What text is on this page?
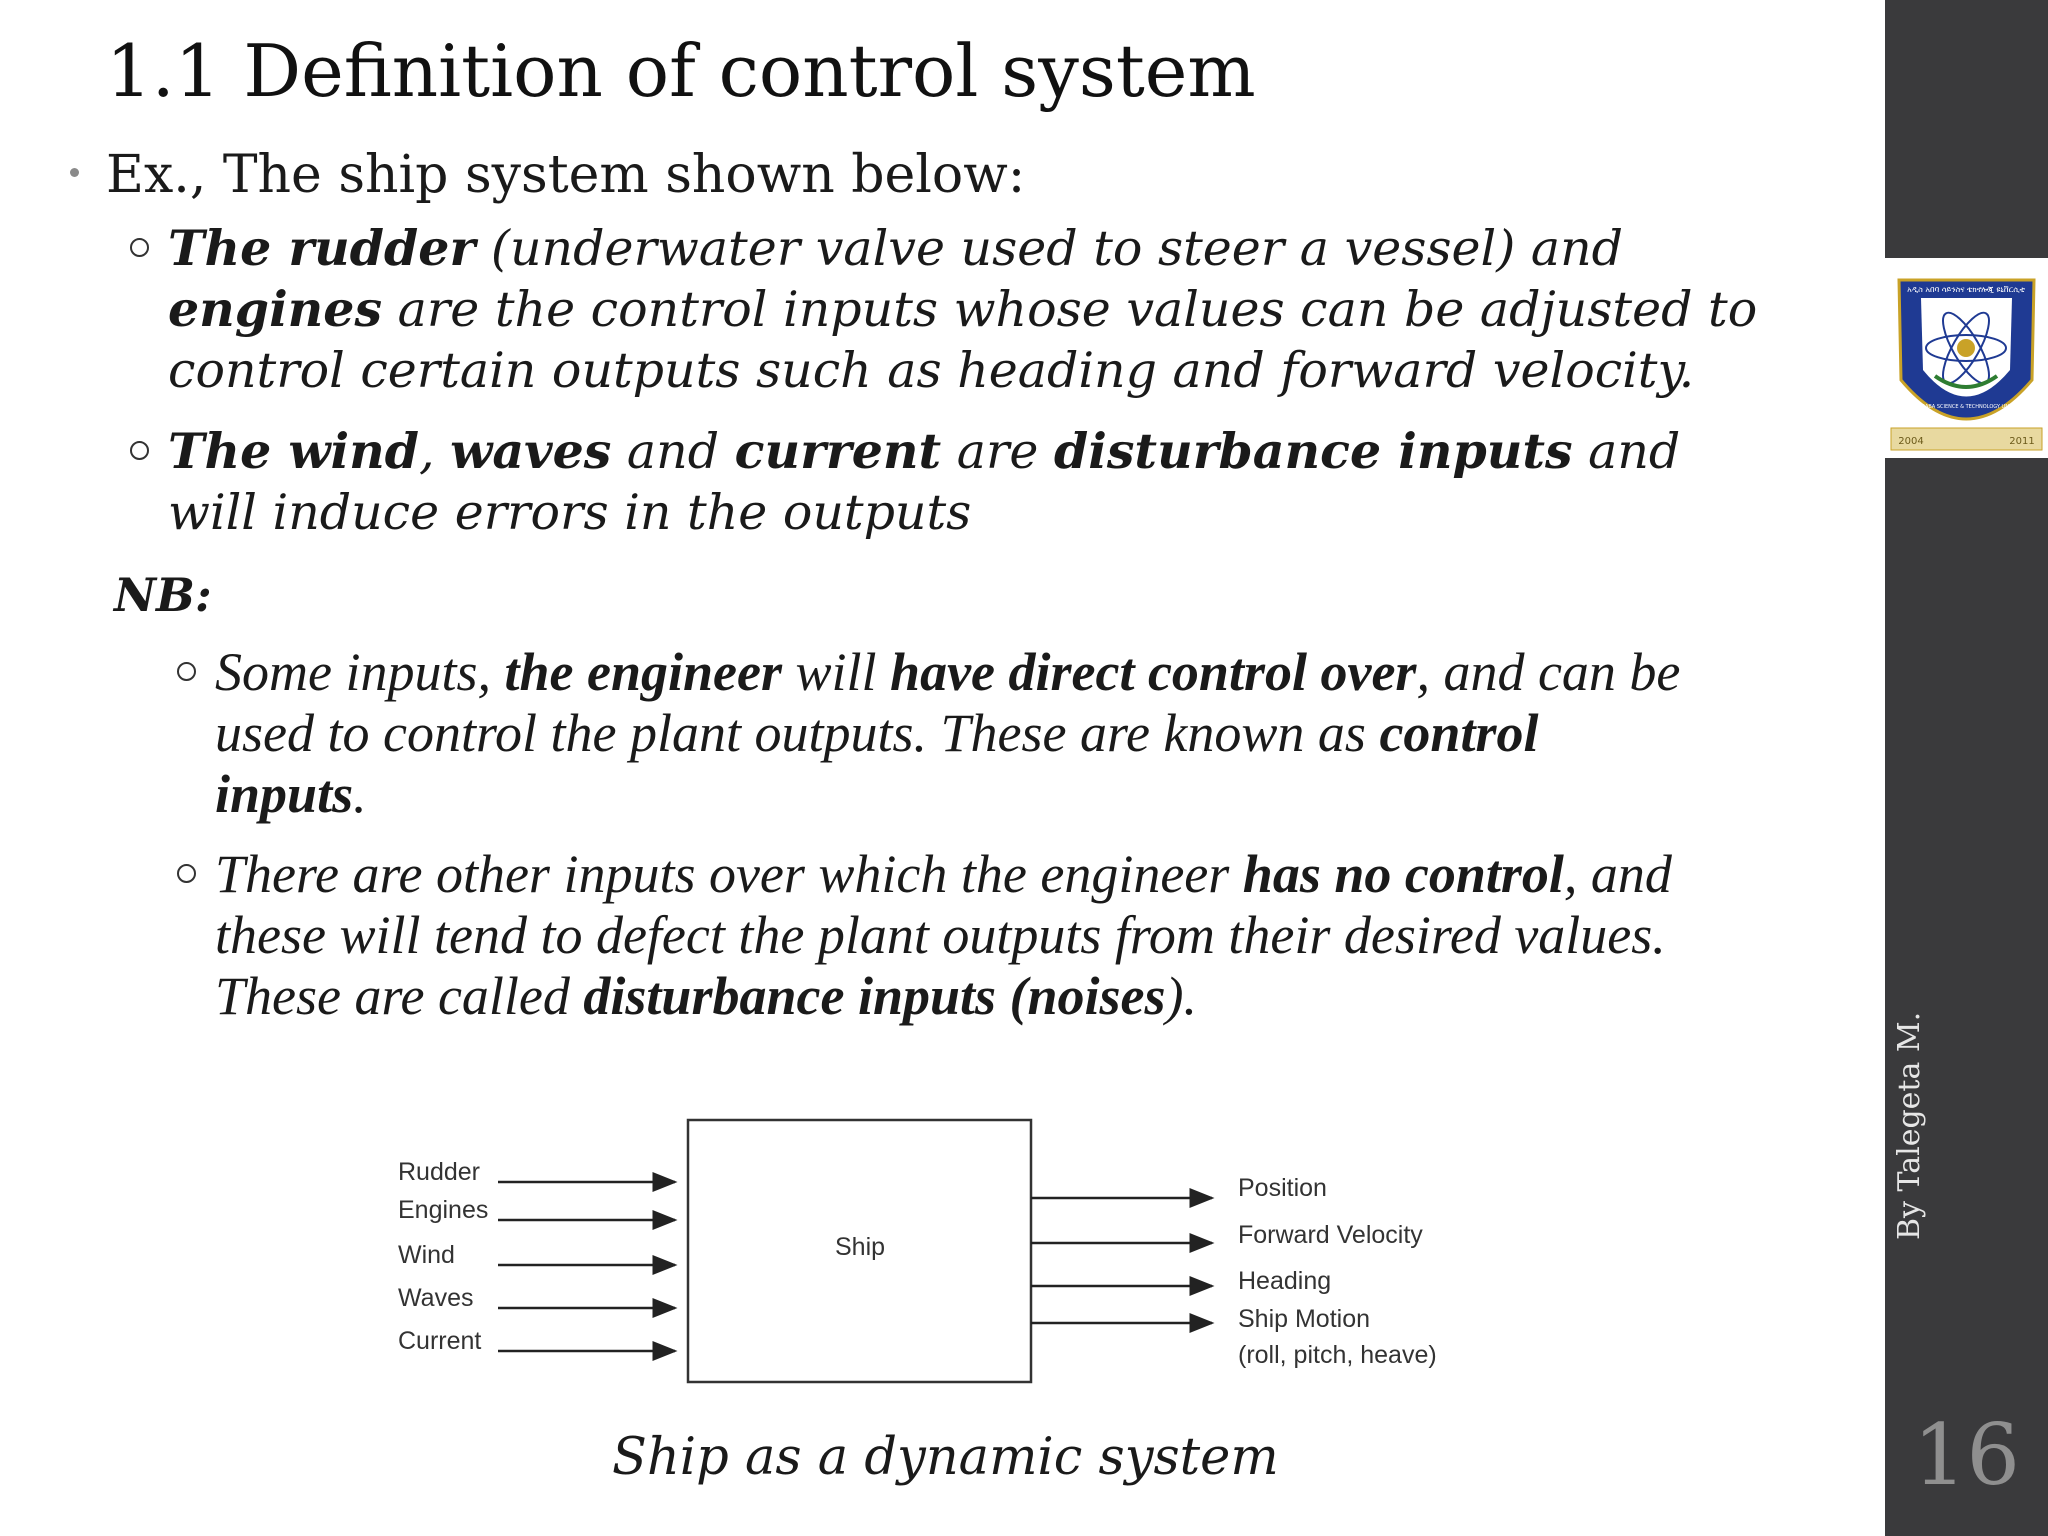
1.1 Definition of control system
Ex., The ship system shown below:

The rudder (underwater valve used to steer a vessel) and

engines are the control inputs whose values can be adjusted to

control certain outputs such as heading and forward velocity.

The wind, waves and current are disturbance inputs and

will induce errors in the outputs

NB:

Some inputs, the engineer will have direct control over, and can be

used to control the plant outputs. These are known as control

inputs.

There are other inputs over which the engineer has no control, and

these will tend to defect the plant outputs from their desired values.

These are called disturbance inputs (noises).

Ship
Rudder
Engines
Wind
Waves
Current
Position
Forward Velocity
Heading
Ship Motion
(roll, pitch, heave)
Ship as a dynamic system
አዲስ አበባ ሳይንስና ቴክኖሎጂ ዩኒቨርሲቲ
ADDIS ABABA SCIENCE & TECHNOLOGY UNIVERSITY
2004	2011
By Talegeta M.
16
